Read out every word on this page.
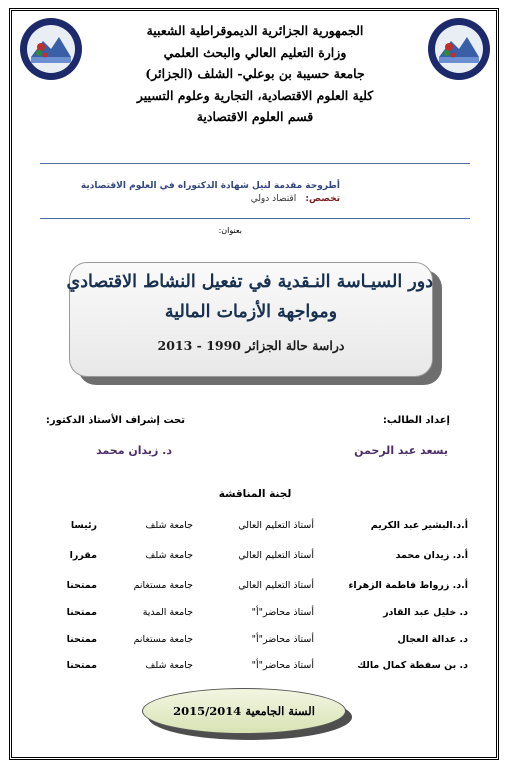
الجمهورية الجزائرية الديموقراطية الشعبية
وزارة التعليم العالي والبحث العلمي
جامعة حسيبة بن بوعلي- الشلف (الجزائر)
كلية العلوم الاقتصادية، التجارية وعلوم التسيير
قسم العلوم الاقتصادية
أطروحة مقدمة لنيل شهادة الدكتوراه في العلوم الاقتصادية
تخصص: اقتصاد دولي
بعنوان:
دور السيـاسة النـقدية في تفعيل النشاط الاقتصادي
ومواجهة الأزمات المالية
دراسة حالة الجزائر 1990 - 2013
إعداد الطالب:
يسعد عبد الرحمن
تحت إشراف الأستاذ الدكتور:
د. زيدان محمد
لجنة المناقشة
أ.د.البشير عبد الكريم
أستاذ التعليم العالي
جامعة شلف
رئيسا
أ.د. زيدان محمد
أستاذ التعليم العالي
جامعة شلف
مقررا
أ.د. زرواط فاطمة الزهراء
أستاذ التعليم العالي
جامعة مستغانم
ممتحنا
د. خليل عبد القادر
أستاذ محاضر"أ"
جامعة المدية
ممتحنا
د. عدالة العجال
أستاذ محاضر"أ"
جامعة مستغانم
ممتحنا
د. بن سفطة كمال مالك
أستاذ محاضر"أ"
جامعة شلف
ممتحنا
السنة الجامعية 2015/2014
